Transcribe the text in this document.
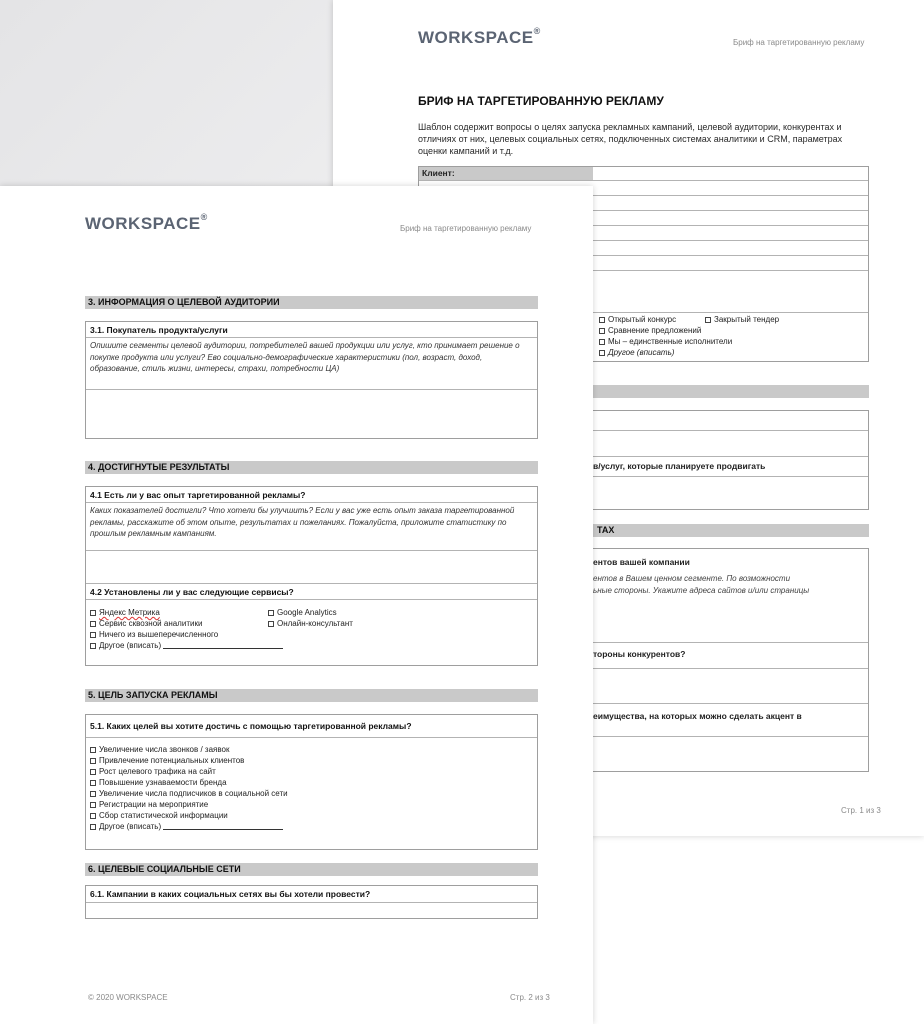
WORKSPACE®
Бриф на таргетированную рекламу
БРИФ НА ТАРГЕТИРОВАННУЮ РЕКЛАМУ
Шаблон содержит вопросы о целях запуска рекламных кампаний, целевой аудитории, конкурентах и отличиях от них, целевых социальных сетях, подключенных системах аналитики и CRM, параметрах оценки кампаний и т.д.
Клиент:
Открытый конкурс	Закрытый тендер
Сравнение предложений
Мы – единственные исполнители
Другое (вписать)
в/услуг, которые планируете продвигать
ТАХ
ентов вашей компании
ентов в Вашем ценном сегменте. По возможности
ьные стороны. Укажите адреса сайтов и/или страницы
тороны конкурентов?
еимущества, на которых можно сделать акцент в
Стр. 1 из 3
WORKSPACE®
Бриф на таргетированную рекламу
3. ИНФОРМАЦИЯ О ЦЕЛЕВОЙ АУДИТОРИИ
3.1. Покупатель продукта/услуги
Опишите сегменты целевой аудитории, потребителей вашей продукции или услуг, кто принимает решение о покупке продукта или услуги? Ево социально-демографические характеристики (пол, возраст, доход, образование, стиль жизни, интересы, страхи, потребности ЦА)
4. ДОСТИГНУТЫЕ РЕЗУЛЬТАТЫ
4.1 Есть ли у вас опыт таргетированной рекламы?
Каких показателей достигли? Что хотели бы улучшить? Если у вас уже есть опыт заказа таргетированной рекламы, расскажите об этом опыте, результатах и пожеланиях. Пожалуйста, приложите статистику по прошлым рекламным кампаниям.
4.2 Установлены ли у вас следующие сервисы?
Яндекс Метрика	Google Analytics
Сервис сквозной аналитики	Онлайн-консультант
Ничего из вышеперечисленного
Другое (вписать)
5. ЦЕЛЬ ЗАПУСКА РЕКЛАМЫ
5.1. Каких целей вы хотите достичь с помощью таргетированной рекламы?
Увеличение числа звонков / заявок
Привлечение потенциальных клиентов
Рост целевого трафика на сайт
Повышение узнаваемости бренда
Увеличение числа подписчиков в социальной сети
Регистрации на мероприятие
Сбор статистической информации
Другое (вписать)
6. ЦЕЛЕВЫЕ СОЦИАЛЬНЫЕ СЕТИ
6.1. Кампании в каких социальных сетях вы бы хотели провести?
© 2020 WORKSPACE	Стр. 2 из 3
